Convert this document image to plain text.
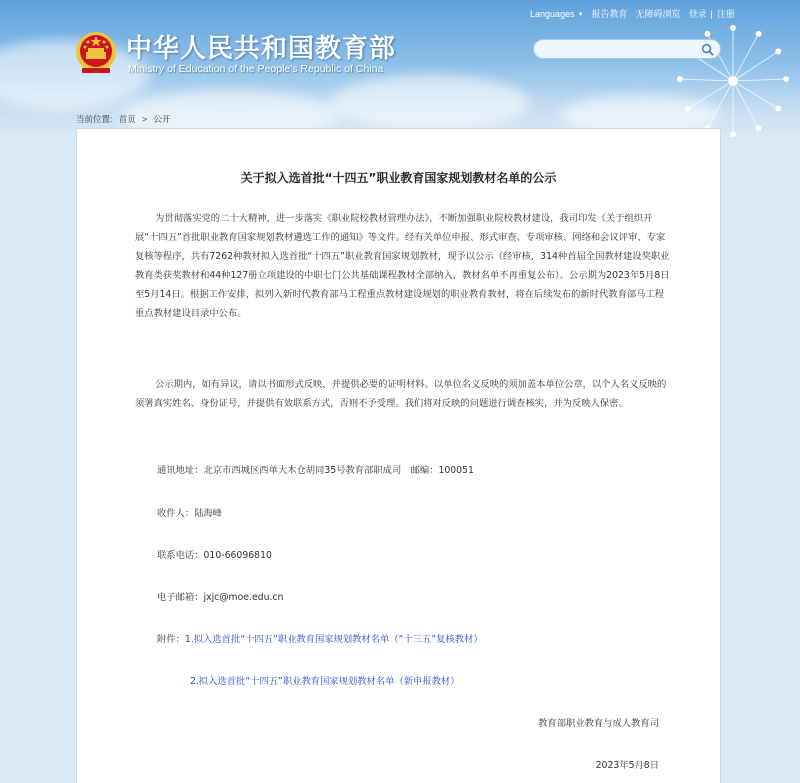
中华人民共和国教育部
Ministry of Education of the People's Republic of China
Languages ▼ 报告教育 无障碍浏览 登录 | 注册
当前位置: 首页 > 公开
关于拟入选首批“十四五”职业教育国家规划教材名单的公示

为贯彻落实党的二十大精神，进一步落实《职业院校教材管理办法》，不断加强职业院校教材建设，我司印发《关于组织开展“十四五”首批职业教育国家规划教材遴选工作的通知》等文件。经有关单位申报、形式审查、专项审核、网络和会议评审、专家复核等程序，共有7262种教材拟入选首批“十四五”职业教育国家规划教材，现予以公示（经审核，314种首届全国教材建设奖职业教育类获奖教材和44种127册立项建设的中职七门公共基础课程教材全部纳入，教材名单不再重复公布）。公示期为2023年5月8日至5月14日。根据工作安排，拟列入新时代教育部马工程重点教材建设规划的职业教育教材，将在后续发布的新时代教育部马工程重点教材建设目录中公布。

公示期内，如有异议，请以书面形式反映，并提供必要的证明材料。以单位名义反映的须加盖本单位公章，以个人名义反映的须署真实姓名、身份证号，并提供有效联系方式，否则不予受理。我们将对反映的问题进行调查核实，并为反映人保密。

通讯地址：北京市西城区西单大木仓胡同35号教育部职成司　邮编：100051
收件人：陆海峰
联系电话：010-66096810
电子邮箱：jxjc@moe.edu.cn
附件：1.拟入选首批“十四五”职业教育国家规划教材名单（“十三五”复核教材）
2.拟入选首批“十四五”职业教育国家规划教材名单（新申报教材）
教育部职业教育与成人教育司
2023年5月8日
